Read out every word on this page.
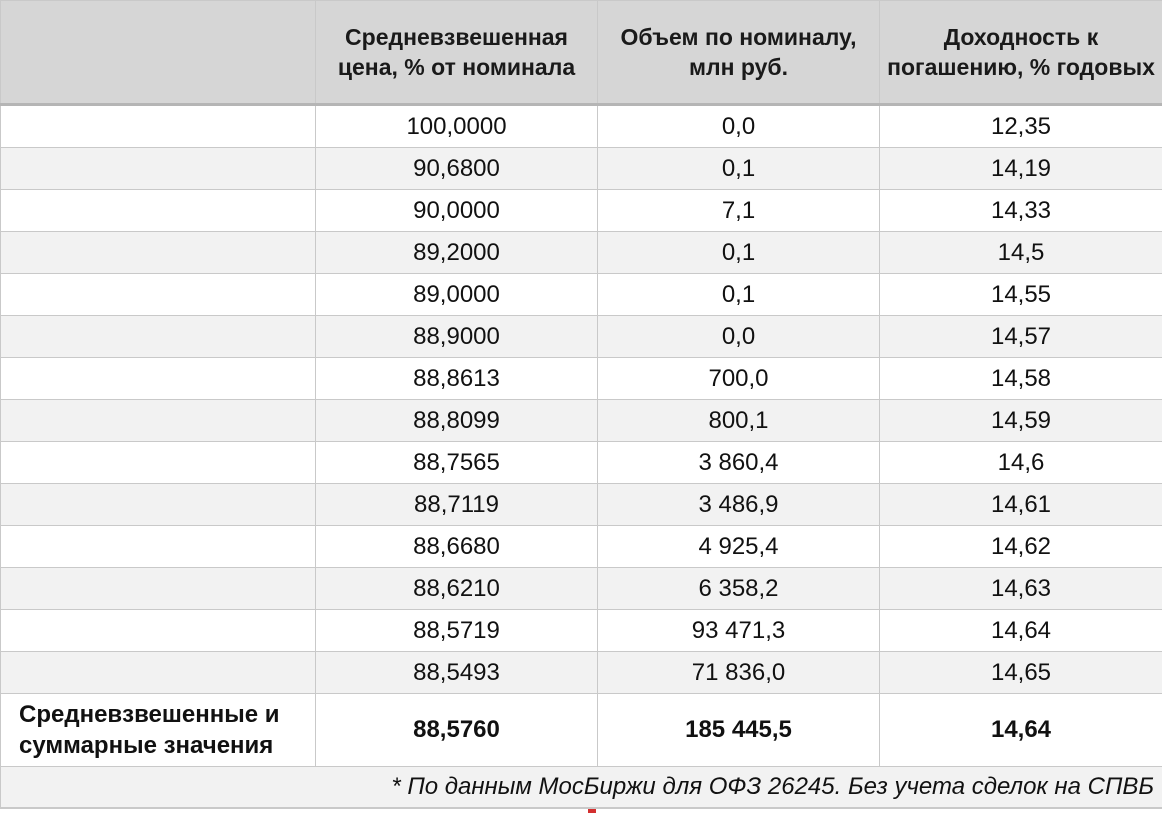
	Средневзвешенная цена, % от номинала	Объем по номиналу, млн руб.	Доходность к погашению, % годовых
	100,0000	0,0	12,35
	90,6800	0,1	14,19
	90,0000	7,1	14,33
	89,2000	0,1	14,5
	89,0000	0,1	14,55
	88,9000	0,0	14,57
	88,8613	700,0	14,58
	88,8099	800,1	14,59
	88,7565	3 860,4	14,6
	88,7119	3 486,9	14,61
	88,6680	4 925,4	14,62
	88,6210	6 358,2	14,63
	88,5719	93 471,3	14,64
	88,5493	71 836,0	14,65
Средневзвешенные и суммарные значения	88,5760	185 445,5	14,64
* По данным МосБиржи для ОФЗ 26245. Без учета сделок на СПВБ			
